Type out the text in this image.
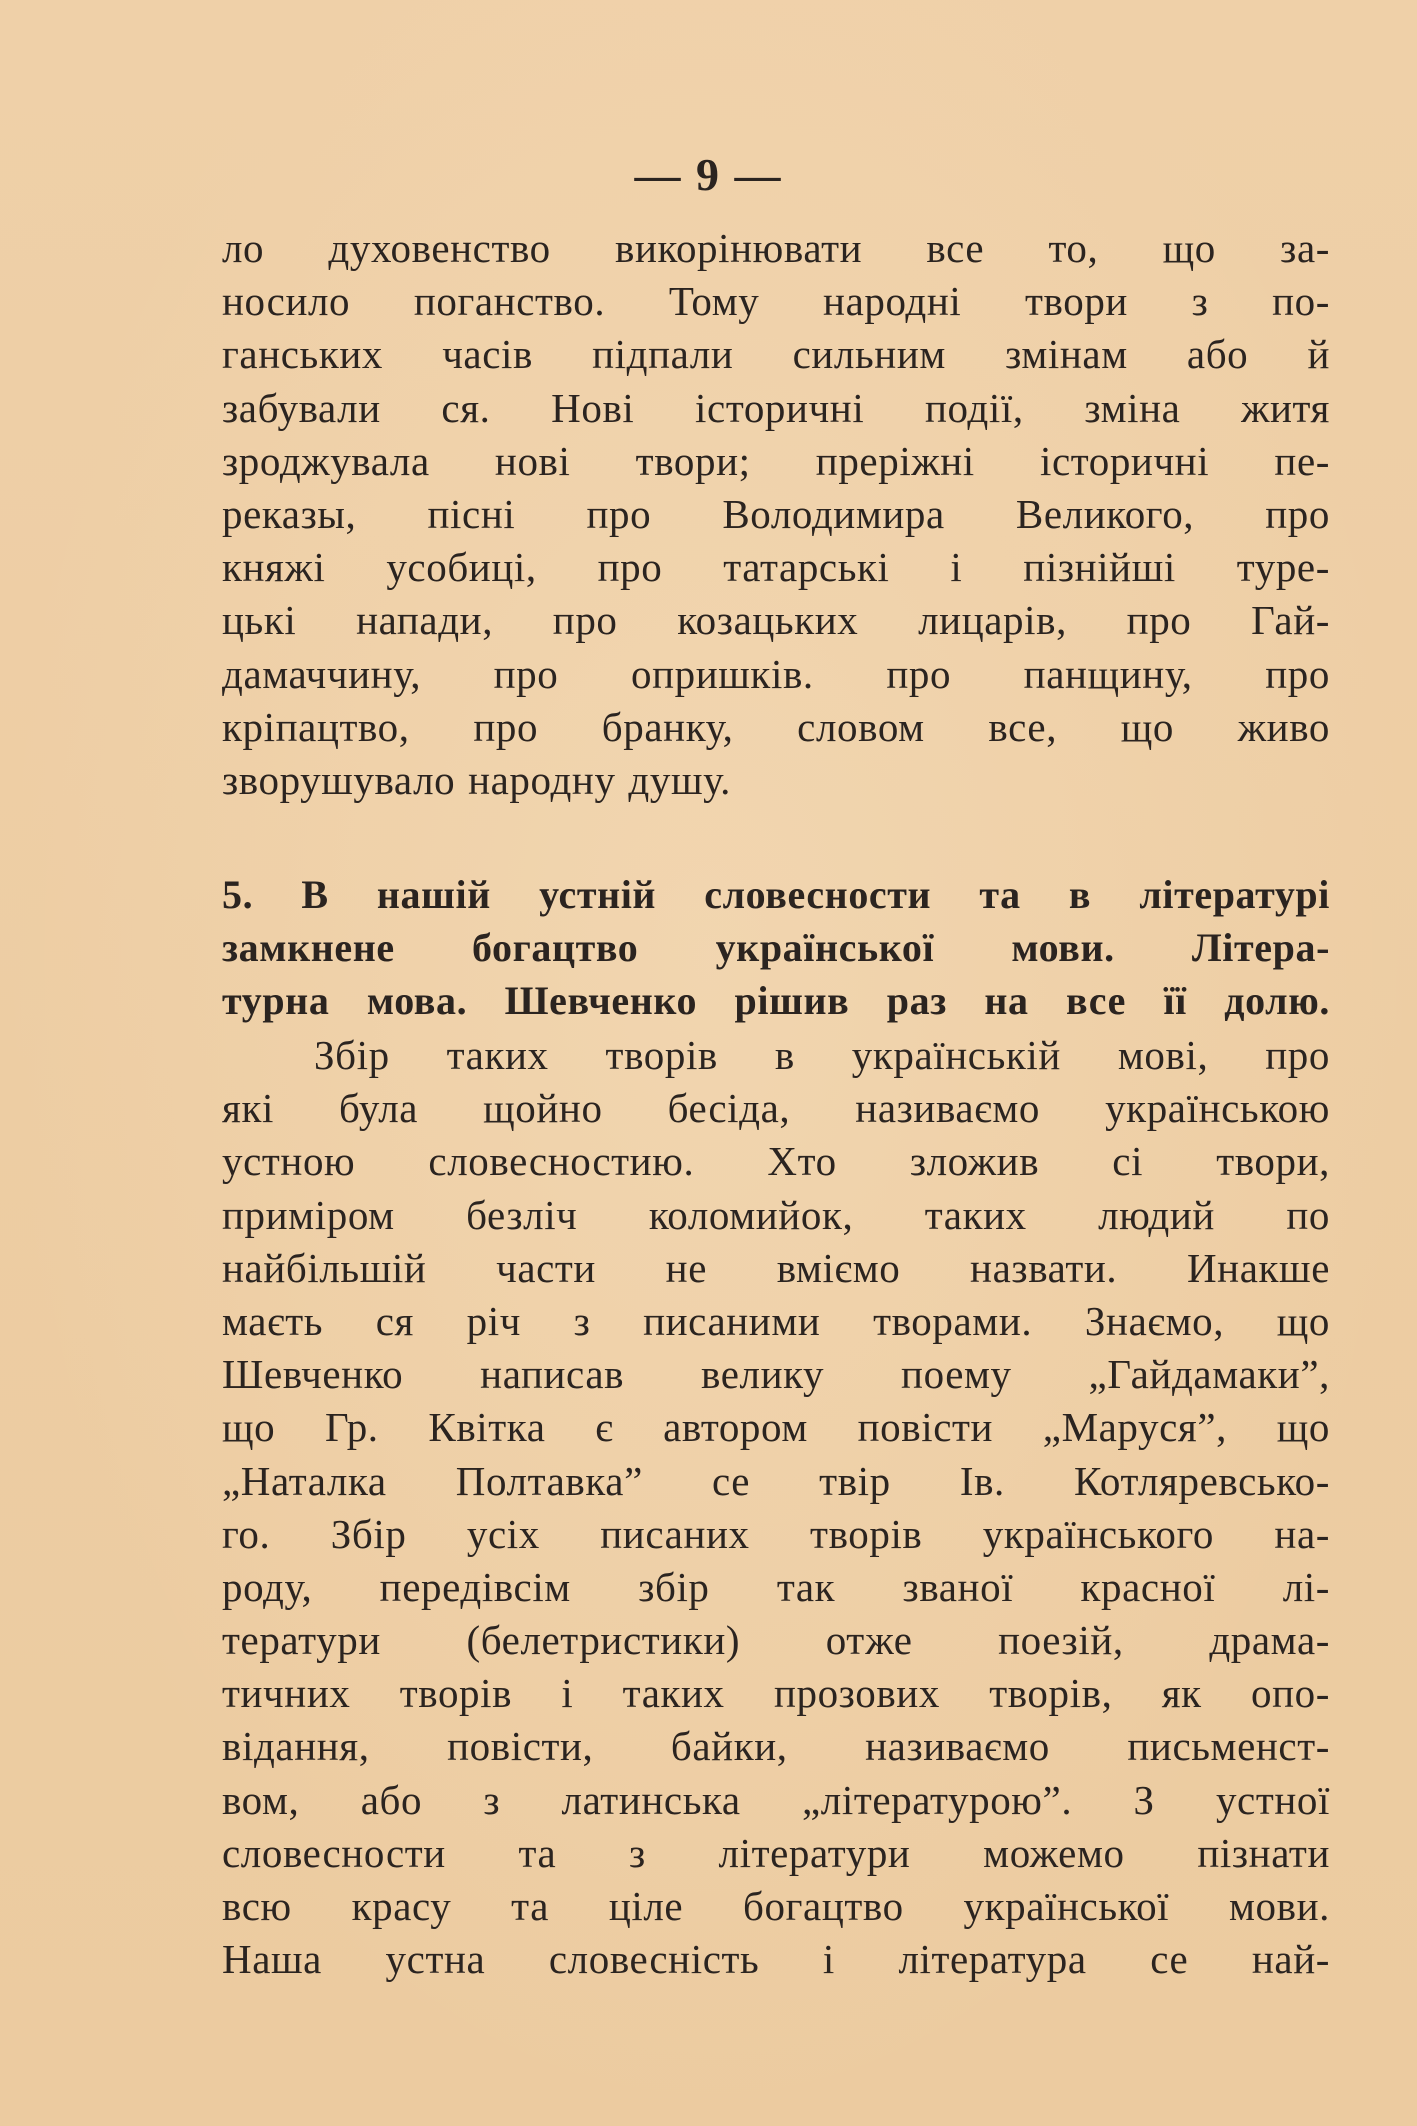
— 9 —
ло духовенство викорінювати все то, що за-
носило поганство. Тому народні твори з по-
ганських часів підпали сильним змінам або й
забували ся. Нові історичні події, зміна житя
зроджувала нові твори; преріжні історичні пе-
реказы, пісні про Володимира Великого, про
княжі усобиці, про татарські і пізнійші туре-
цькі напади, про козацьких лицарів, про Гай-
дамаччину, про опришків. про панщину, про
кріпацтво, про бранку, словом все, що живо
зворушувало народну душу.
5. В нашій устній словесности та в літературі
замкнене богацтво української мови. Літера-
турна мова. Шевченко рішив раз на все її долю.
Збір таких творів в українській мові, про
які була щойно бесіда, називаємо українською
устною словесностию. Хто зложив сі твори,
приміром безліч коломийок, таких людий по
найбільшій части не вміємо назвати. Инакше
маєть ся річ з писаними творами. Знаємо, що
Шевченко написав велику поему „Гайдамаки”,
що Гр. Квітка є автором повісти „Маруся”, що
„Наталка Полтавка” се твір Ів. Котляревсько-
го. Збір усіх писаних творів українського на-
роду, передівсім збір так званої красної лі-
тератури (белетристики) отже поезій, драма-
тичних творів і таких прозових творів, як опо-
відання, повісти, байки, називаємо письменст-
вом, або з латинська „літературою”. З устної
словесности та з літератури можемо пізнати
всю красу та ціле богацтво української мови.
Наша устна словесність і література се най-
